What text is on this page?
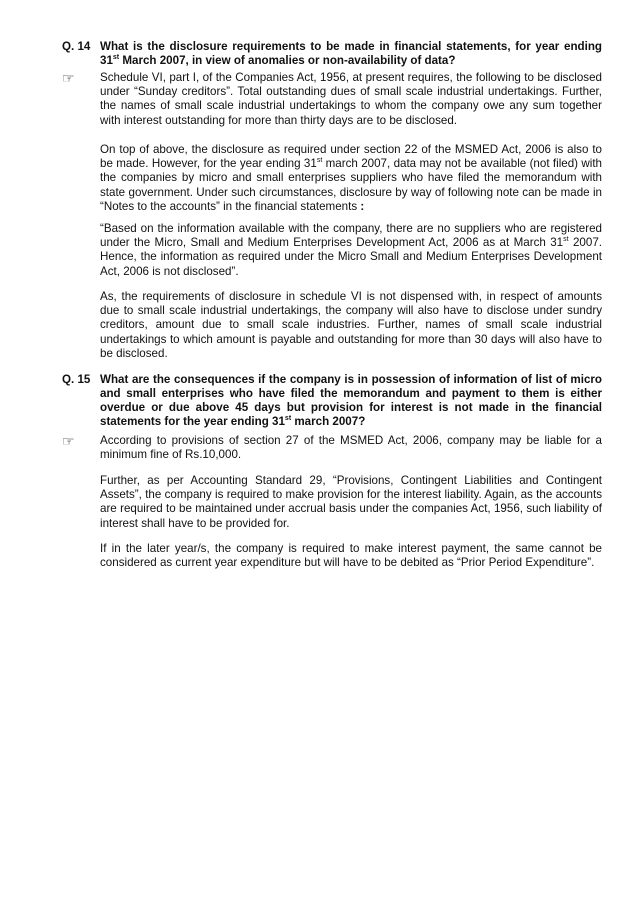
Q. 14 What is the disclosure requirements to be made in financial statements, for year ending 31st March 2007, in view of anomalies or non-availability of data?
☞ Schedule VI, part I, of the Companies Act, 1956, at present requires, the following to be disclosed under “Sunday creditors”. Total outstanding dues of small scale industrial undertakings. Further, the names of small scale industrial undertakings to whom the company owe any sum together with interest outstanding for more than thirty days are to be disclosed.
On top of above, the disclosure as required under section 22 of the MSMED Act, 2006 is also to be made. However, for the year ending 31st march 2007, data may not be available (not filed) with the companies by micro and small enterprises suppliers who have filed the memorandum with state government. Under such circumstances, disclosure by way of following note can be made in “Notes to the accounts” in the financial statements :
“Based on the information available with the company, there are no suppliers who are registered under the Micro, Small and Medium Enterprises Development Act, 2006 as at March 31st 2007. Hence, the information as required under the Micro Small and Medium Enterprises Development Act, 2006 is not disclosed”.
As, the requirements of disclosure in schedule VI is not dispensed with, in respect of amounts due to small scale industrial undertakings, the company will also have to disclose under sundry creditors, amount due to small scale industries. Further, names of small scale industrial undertakings to which amount is payable and outstanding for more than 30 days will also have to be disclosed.
Q. 15 What are the consequences if the company is in possession of information of list of micro and small enterprises who have filed the memorandum and payment to them is either overdue or due above 45 days but provision for interest is not made in the financial statements for the year ending 31st march 2007?
☞ According to provisions of section 27 of the MSMED Act, 2006, company may be liable for a minimum fine of Rs.10,000.
Further, as per Accounting Standard 29, “Provisions, Contingent Liabilities and Contingent Assets”, the company is required to make provision for the interest liability. Again, as the accounts are required to be maintained under accrual basis under the companies Act, 1956, such liability of interest shall have to be provided for.
If in the later year/s, the company is required to make interest payment, the same cannot be considered as current year expenditure but will have to be debited as “Prior Period Expenditure”.
